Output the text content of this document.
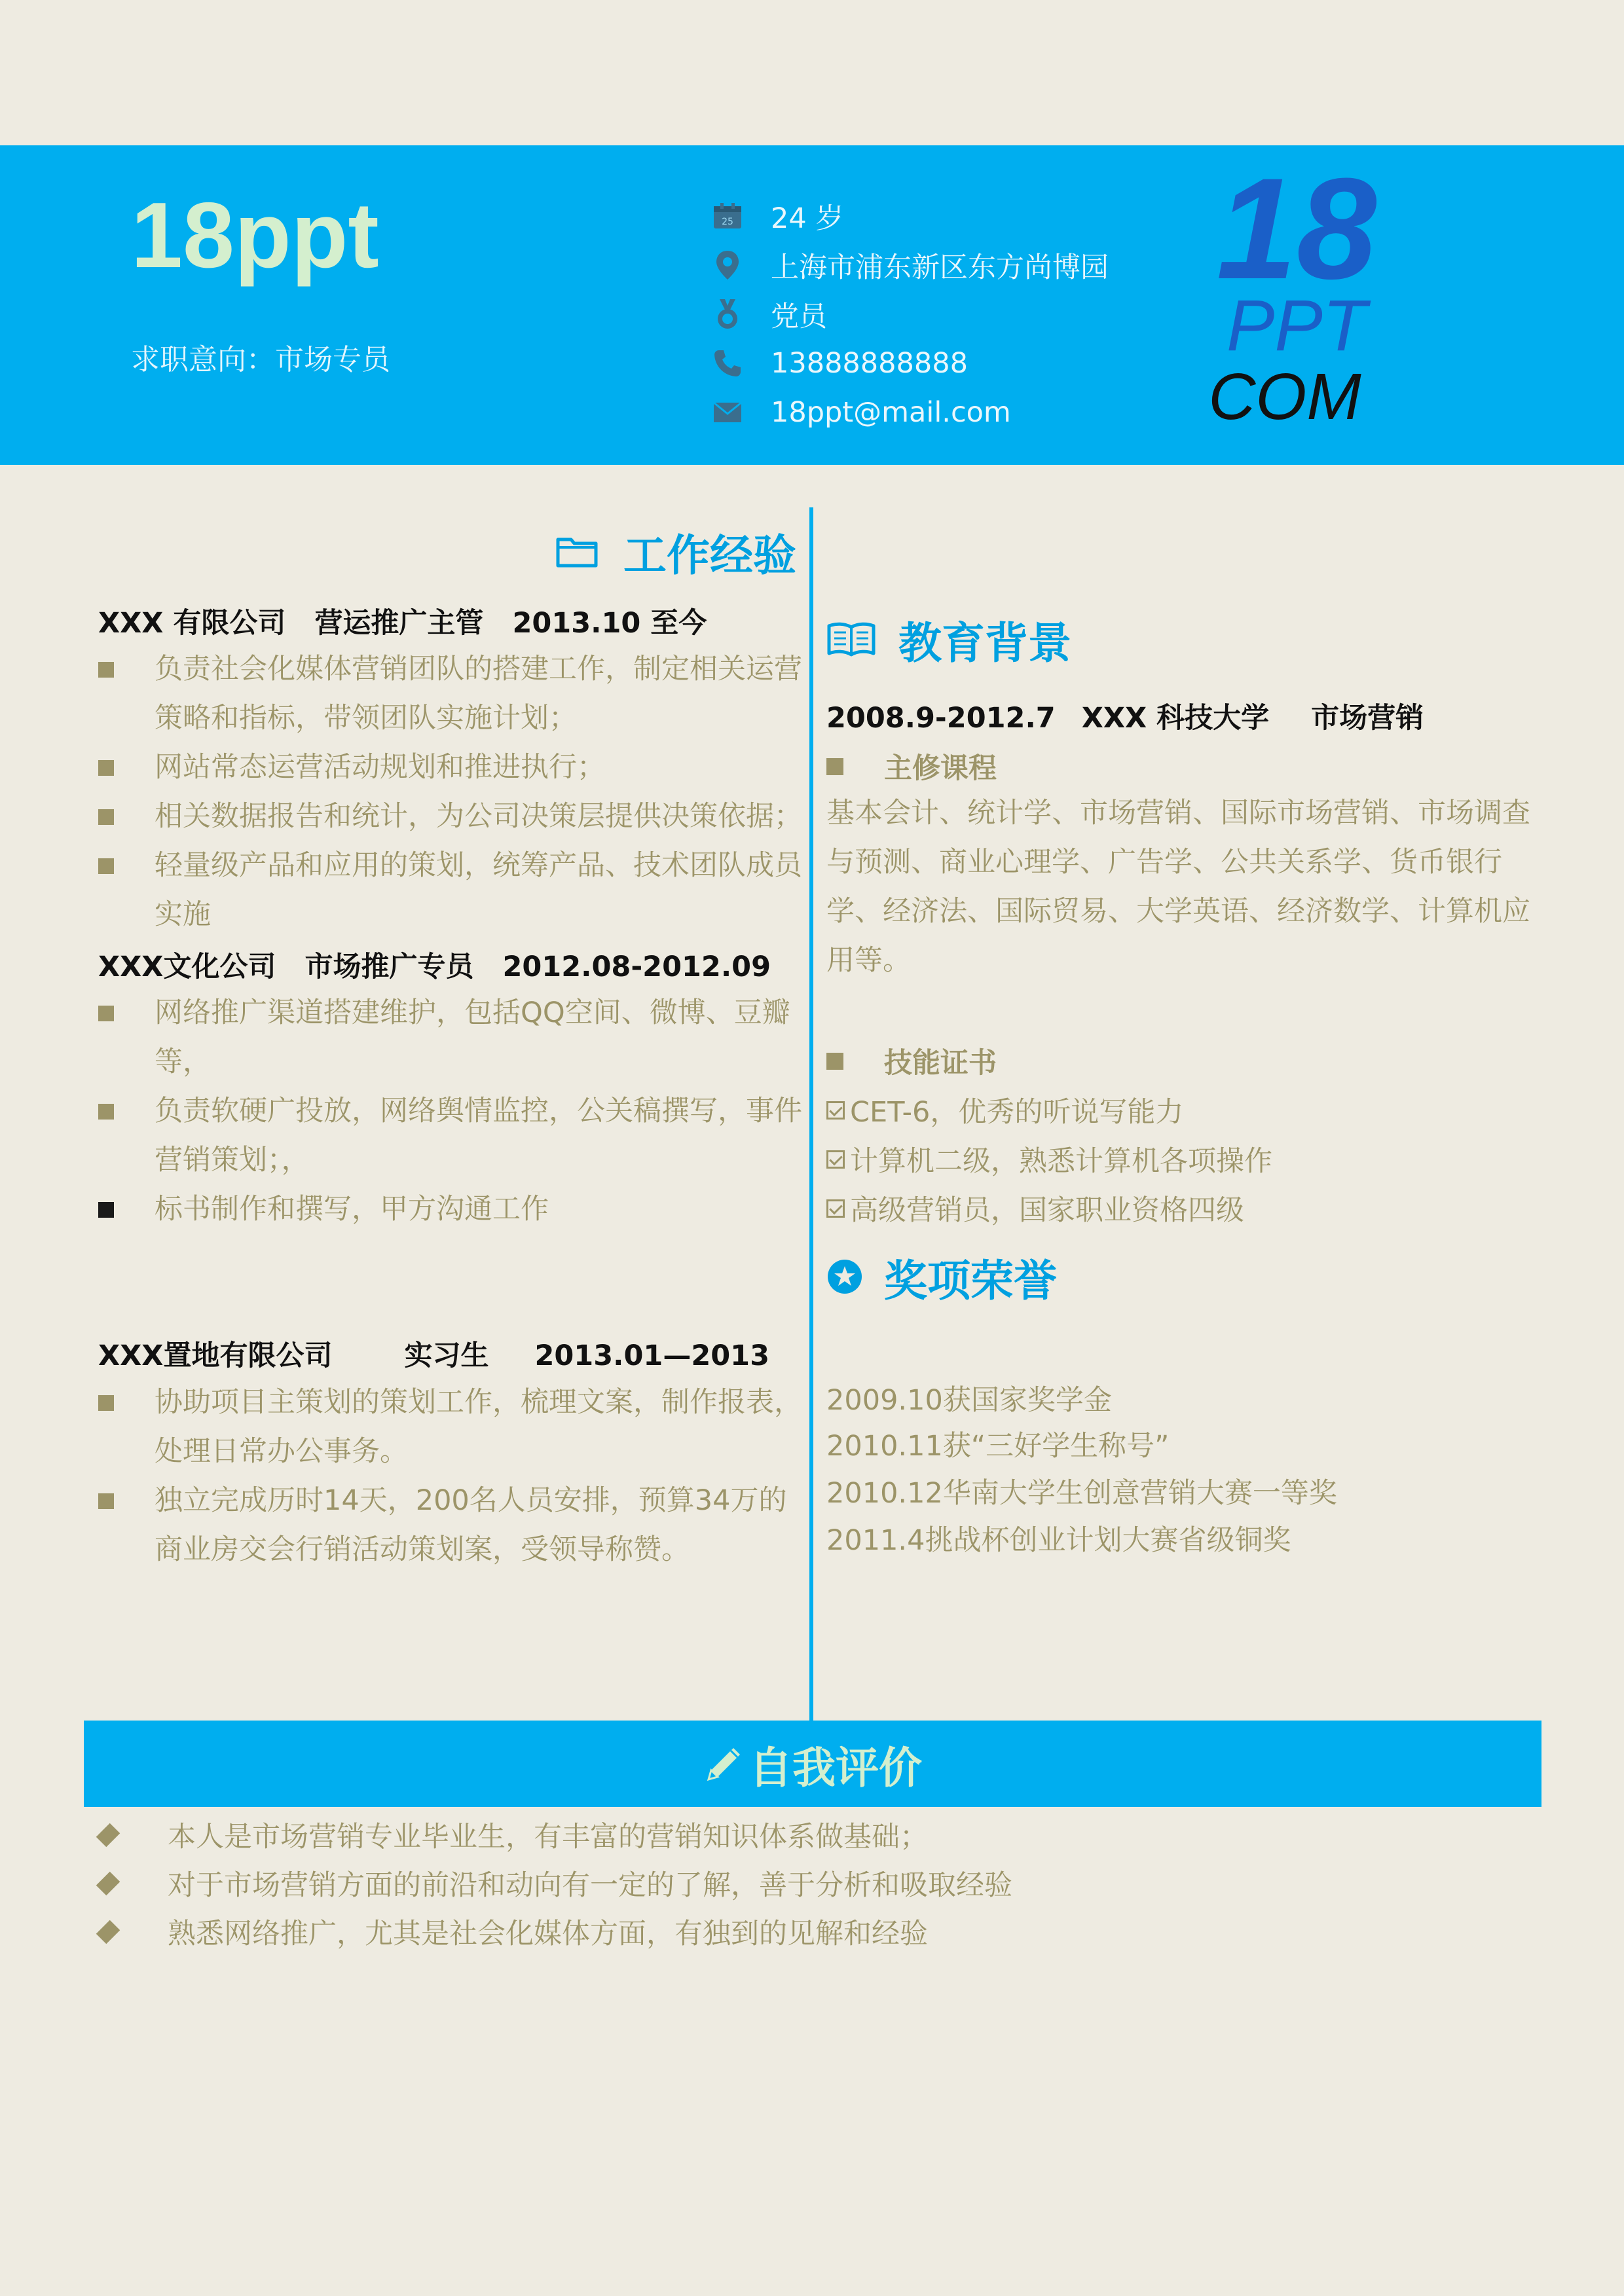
18ppt
求职意向：市场专员
25 24 岁
上海市浦东新区东方尚博园
党员
13888888888
18ppt@mail.com
18
PPT
COM
工作经验
XXX 有限公司 营运推广主管 2013.10 至今
负责社会化媒体营销团队的搭建工作，制定相关运营策略和指标，带领团队实施计划；
网站常态运营活动规划和推进执行；
相关数据报告和统计，为公司决策层提供决策依据；
轻量级产品和应用的策划，统筹产品、技术团队成员实施
XXX文化公司 市场推广专员 2012.08-2012.09
网络推广渠道搭建维护，包括QQ空间、微博、豆瓣等，
负责软硬广投放，网络舆情监控，公关稿撰写，事件营销策划；，
标书制作和撰写，甲方沟通工作
XXX置地有限公司	实习生 2013.01—2013
协助项目主策划的策划工作，梳理文案，制作报表，处理日常办公事务。
独立完成历时14天，200名人员安排，预算34万的商业房交会行销活动策划案，受领导称赞。
教育背景
2008.9-2012.7 XXX 科技大学 市场营销
主修课程
基本会计、统计学、市场营销、国际市场营销、市场调查与预测、商业心理学、广告学、公共关系学、货币银行学、经济法、国际贸易、大学英语、经济数学、计算机应用等。
技能证书
CET-6，优秀的听说写能力
计算机二级，熟悉计算机各项操作
高级营销员，国家职业资格四级
奖项荣誉
2009.10获国家奖学金
2010.11获“三好学生称号”
2010.12华南大学生创意营销大赛一等奖
2011.4挑战杯创业计划大赛省级铜奖
自我评价
本人是市场营销专业毕业生，有丰富的营销知识体系做基础；
对于市场营销方面的前沿和动向有一定的了解，善于分析和吸取经验
熟悉网络推广，尤其是社会化媒体方面，有独到的见解和经验
